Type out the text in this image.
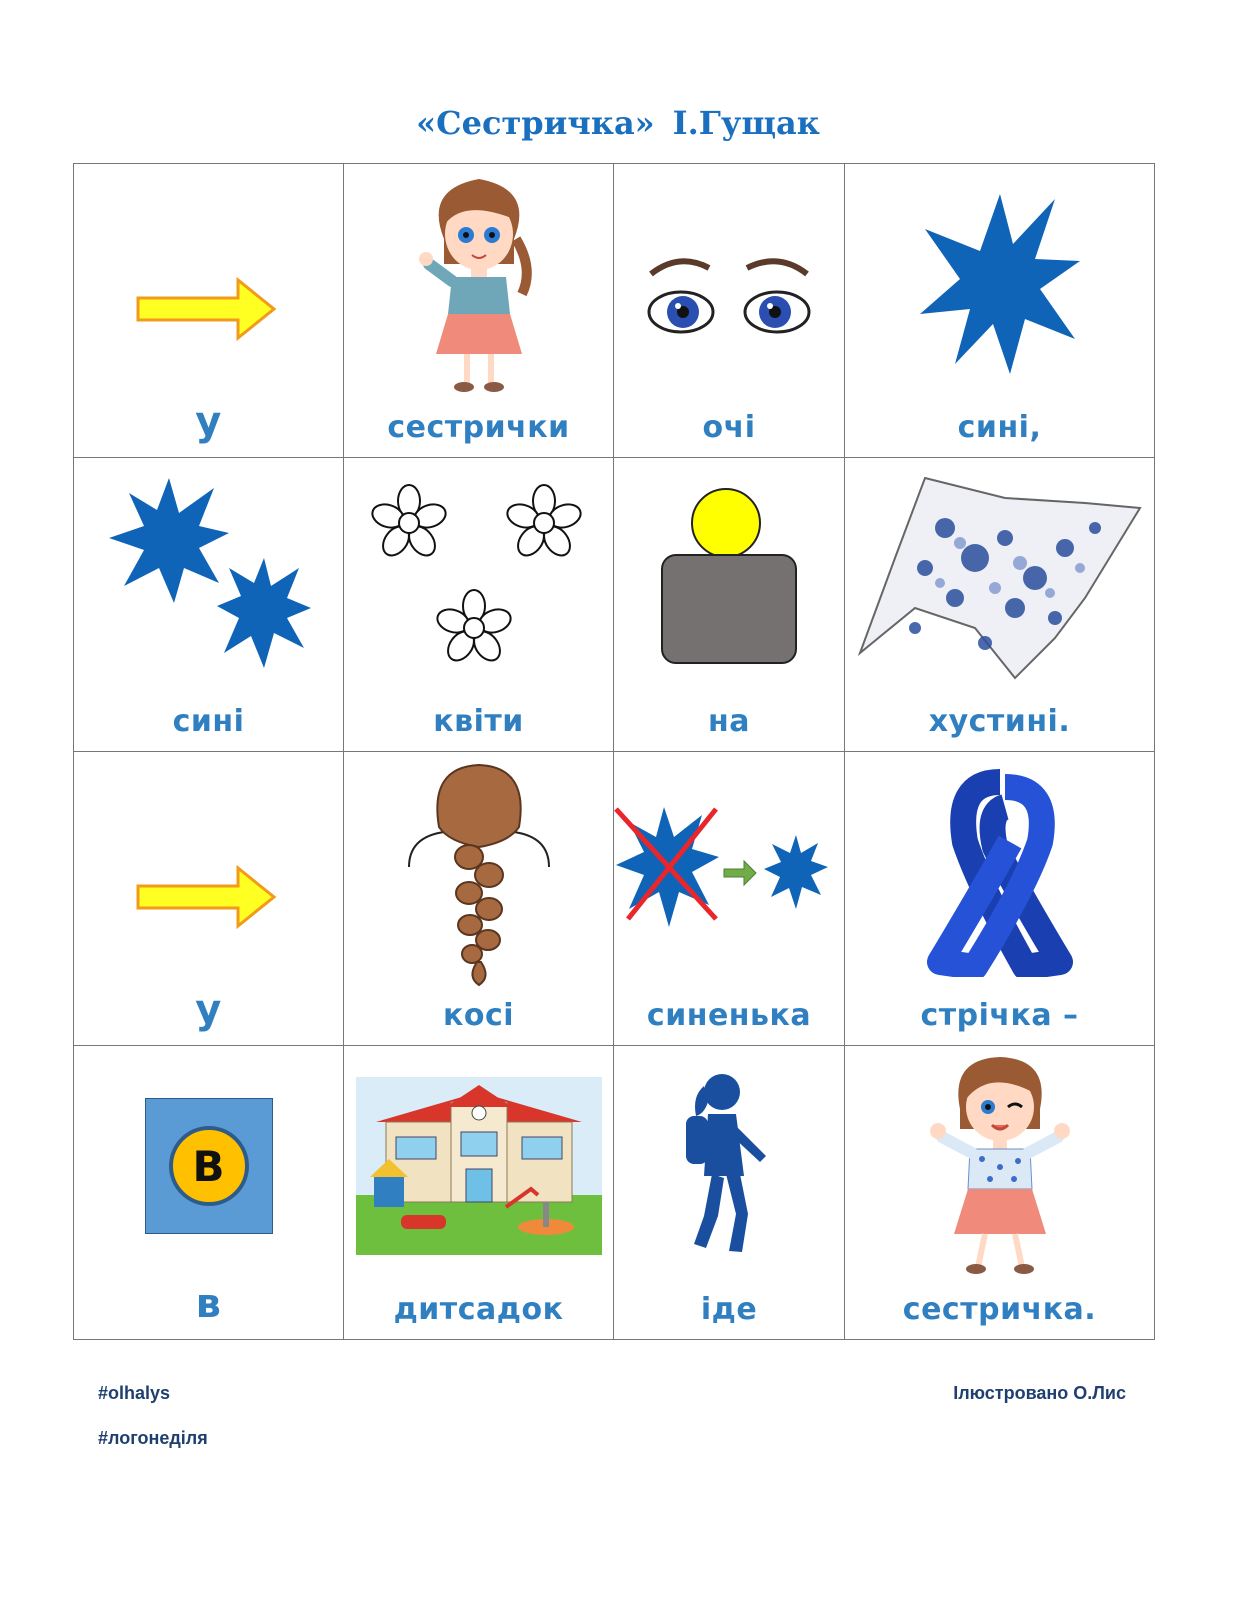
«Сестричка» І.Гущак
у	сестрички	очі	сині,

сині	квіти	на	хустині.

у	косі	синенька	стрічка –

В
в	дитсадок	іде	сестричка.
#olhalys
#логонеділя
Ілюстровано О.Лис
